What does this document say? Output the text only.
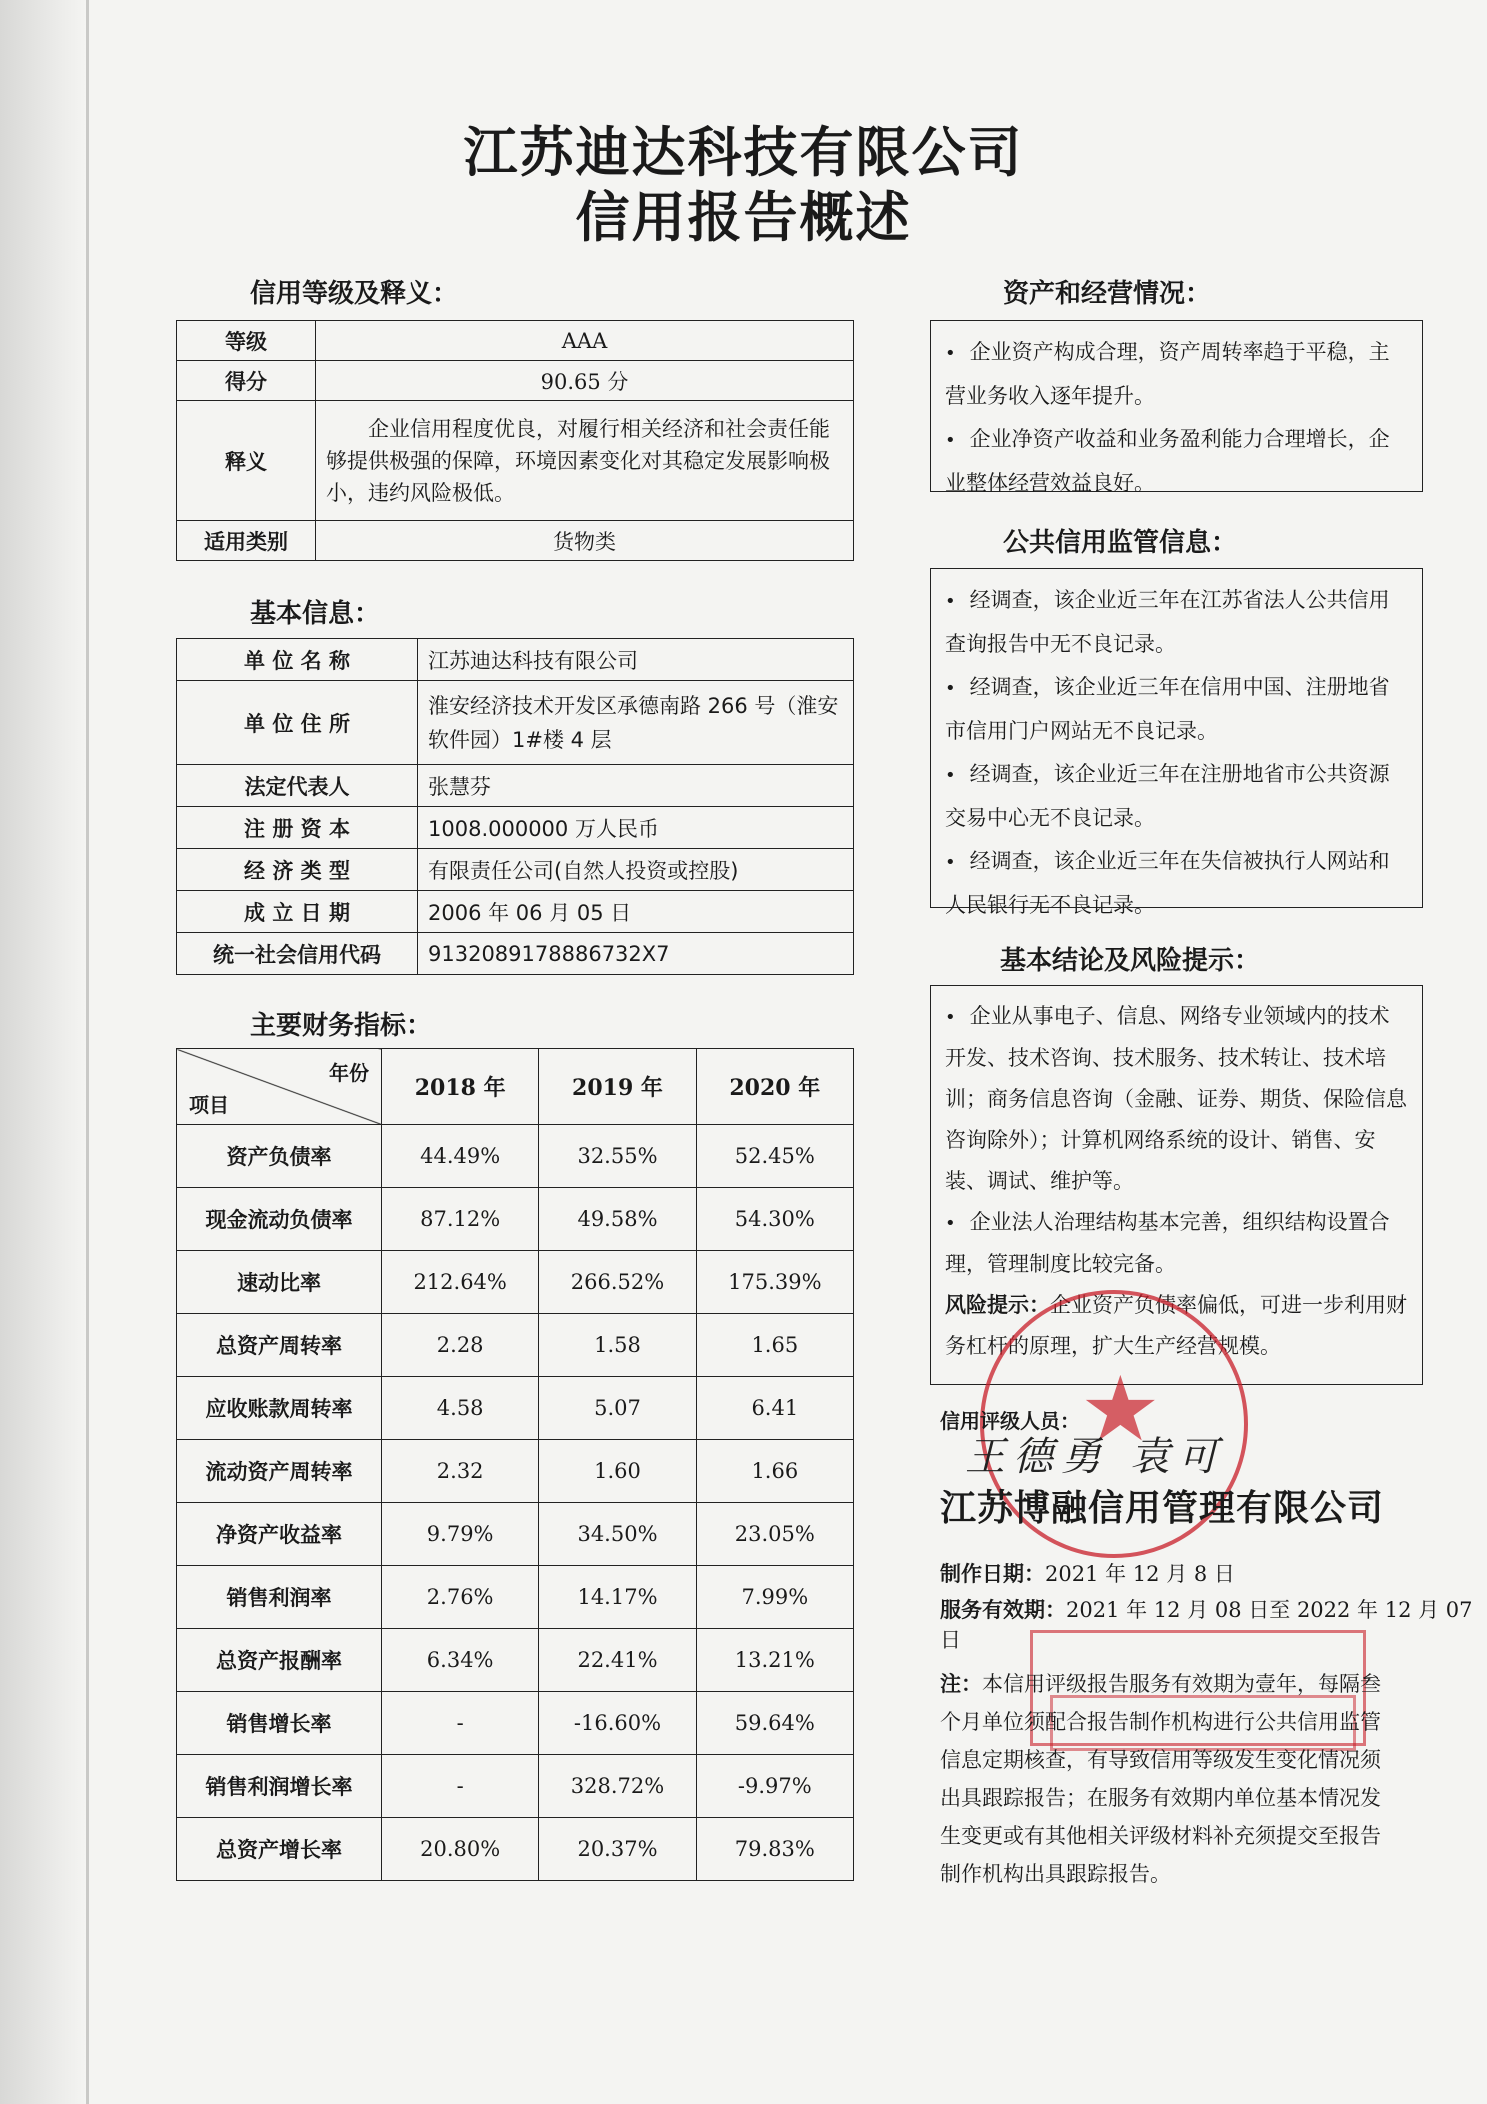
江苏迪达科技有限公司
信用报告概述
信用等级及释义：
等级	AAA
得分	90.65 分
释义	企业信用程度优良，对履行相关经济和社会责任能够提供极强的保障，环境因素变化对其稳定发展影响极小，违约风险极低。
适用类别	货物类
基本信息：
单 位 名 称	江苏迪达科技有限公司
单 位 住 所	淮安经济技术开发区承德南路 266 号（淮安软件园）1#楼 4 层
法定代表人	张慧芬
注 册 资 本	1008.000000 万人民币
经 济 类 型	有限责任公司(自然人投资或控股)
成 立 日 期	2006 年 06 月 05 日
统一社会信用代码	9132089178886732X7
主要财务指标：
年份
项目	2018 年	2019 年	2020 年
资产负债率	44.49%	32.55%	52.45%
现金流动负债率	87.12%	49.58%	54.30%
速动比率	212.64%	266.52%	175.39%
总资产周转率	2.28	1.58	1.65
应收账款周转率	4.58	5.07	6.41
流动资产周转率	2.32	1.60	1.66
净资产收益率	9.79%	34.50%	23.05%
销售利润率	2.76%	14.17%	7.99%
总资产报酬率	6.34%	22.41%	13.21%
销售增长率	-	-16.60%	59.64%
销售利润增长率	-	328.72%	-9.97%
总资产增长率	20.80%	20.37%	79.83%
资产和经营情况：

• 企业资产构成合理，资产周转率趋于平稳，主营业务收入逐年提升。

• 企业净资产收益和业务盈利能力合理增长，企业整体经营效益良好。

公共信用监管信息：

• 经调查，该企业近三年在江苏省法人公共信用查询报告中无不良记录。

• 经调查，该企业近三年在信用中国、注册地省市信用门户网站无不良记录。

• 经调查，该企业近三年在注册地省市公共资源交易中心无不良记录。

• 经调查，该企业近三年在失信被执行人网站和人民银行无不良记录。

基本结论及风险提示：

• 企业从事电子、信息、网络专业领域内的技术开发、技术咨询、技术服务、技术转让、技术培训；商务信息咨询（金融、证券、期货、保险信息咨询除外）；计算机网络系统的设计、销售、安装、调试、维护等。

• 企业法人治理结构基本完善，组织结构设置合理，管理制度比较完备。

风险提示：企业资产负债率偏低，可进一步利用财务杠杆的原理，扩大生产经营规模。

★
信用评级人员：
王德勇 袁可
江苏博融信用管理有限公司
制作日期：2021 年 12 月 8 日
服务有效期：2021 年 12 月 08 日至 2022 年 12 月 07 日
注：本信用评级报告服务有效期为壹年，每隔叁个月单位须配合报告制作机构进行公共信用监管信息定期核查，有导致信用等级发生变化情况须出具跟踪报告；在服务有效期内单位基本情况发生变更或有其他相关评级材料补充须提交至报告制作机构出具跟踪报告。
